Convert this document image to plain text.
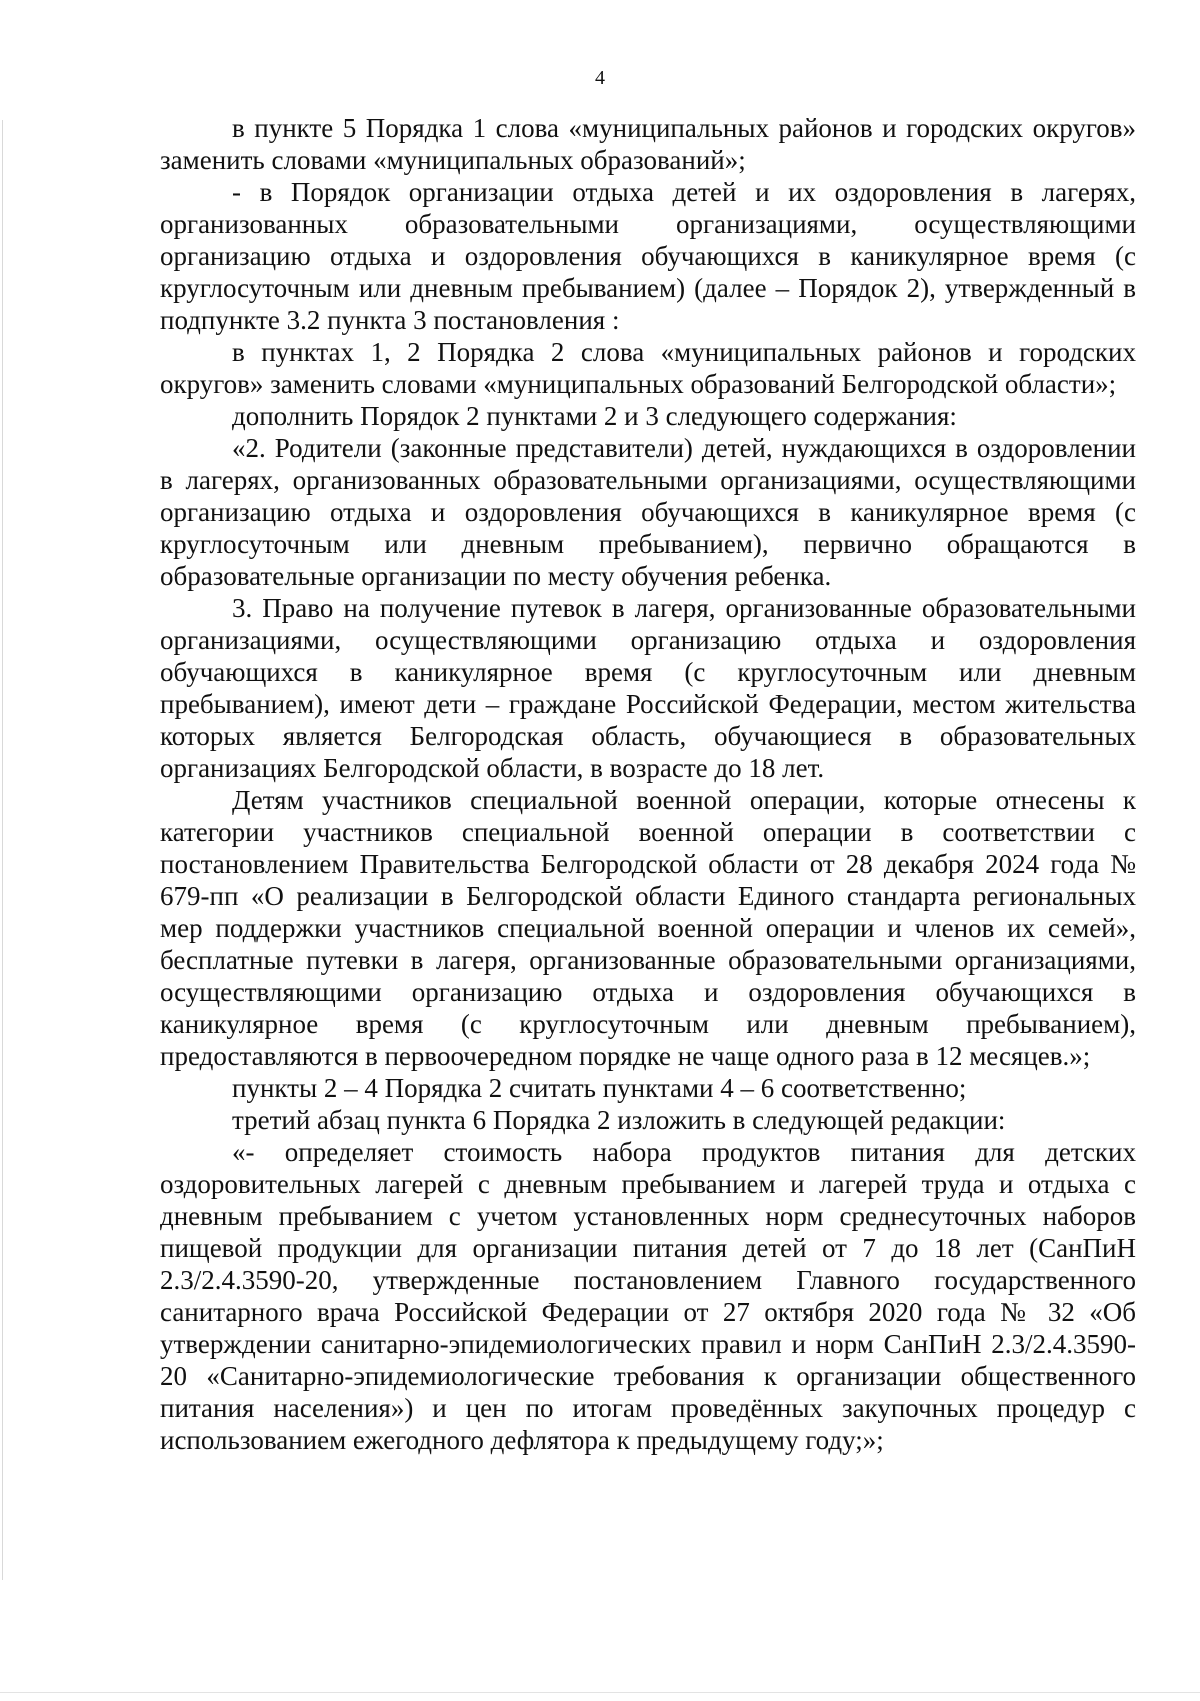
4

в пункте 5 Порядка 1 слова «муниципальных районов и городских округов» заменить словами «муниципальных образований»;

- в Порядок организации отдыха детей и их оздоровления в лагерях, организованных образовательными организациями, осуществляющими организацию отдыха и оздоровления обучающихся в каникулярное время (с круглосуточным или дневным пребыванием) (далее – Порядок 2), утвержденный в подпункте 3.2 пункта 3 постановления :

в пунктах 1, 2 Порядка 2 слова «муниципальных районов и городских округов» заменить словами «муниципальных образований Белгородской области»;

дополнить Порядок 2 пунктами 2 и 3 следующего содержания:

«2. Родители (законные представители) детей, нуждающихся в оздоровлении в лагерях, организованных образовательными организациями, осуществляющими организацию отдыха и оздоровления обучающихся в каникулярное время (с круглосуточным или дневным пребыванием), первично обращаются в образовательные организации по месту обучения ребенка.

3. Право на получение путевок в лагеря, организованные образовательными организациями, осуществляющими организацию отдыха и оздоровления обучающихся в каникулярное время (с круглосуточным или дневным пребыванием), имеют дети – граждане Российской Федерации, местом жительства которых является Белгородская область, обучающиеся в образовательных организациях Белгородской области, в возрасте до 18 лет.

Детям участников специальной военной операции, которые отнесены к категории участников специальной военной операции в соответствии с постановлением Правительства Белгородской области от 28 декабря 2024 года № 679-пп «О реализации в Белгородской области Единого стандарта региональных мер поддержки участников специальной военной операции и членов их семей», бесплатные путевки в лагеря, организованные образовательными организациями, осуществляющими организацию отдыха и оздоровления обучающихся в каникулярное время (с круглосуточным или дневным пребыванием), предоставляются в первоочередном порядке не чаще одного раза в 12 месяцев.»;

пункты 2 – 4 Порядка 2 считать пунктами 4 – 6 соответственно;

третий абзац пункта 6 Порядка 2 изложить в следующей редакции:

«- определяет стоимость набора продуктов питания для детских оздоровительных лагерей с дневным пребыванием и лагерей труда и отдыха с дневным пребыванием с учетом установленных норм среднесуточных наборов пищевой продукции для организации питания детей от 7 до 18 лет (СанПиН 2.3/2.4.3590-20, утвержденные постановлением Главного государственного санитарного врача Российской Федерации от 27 октября 2020 года № 32 «Об утверждении санитарно-эпидемиологических правил и норм СанПиН 2.3/2.4.3590-20 «Санитарно-эпидемиологические требования к организации общественного питания населения») и цен по итогам проведённых закупочных процедур с использованием ежегодного дефлятора к предыдущему году;»;
